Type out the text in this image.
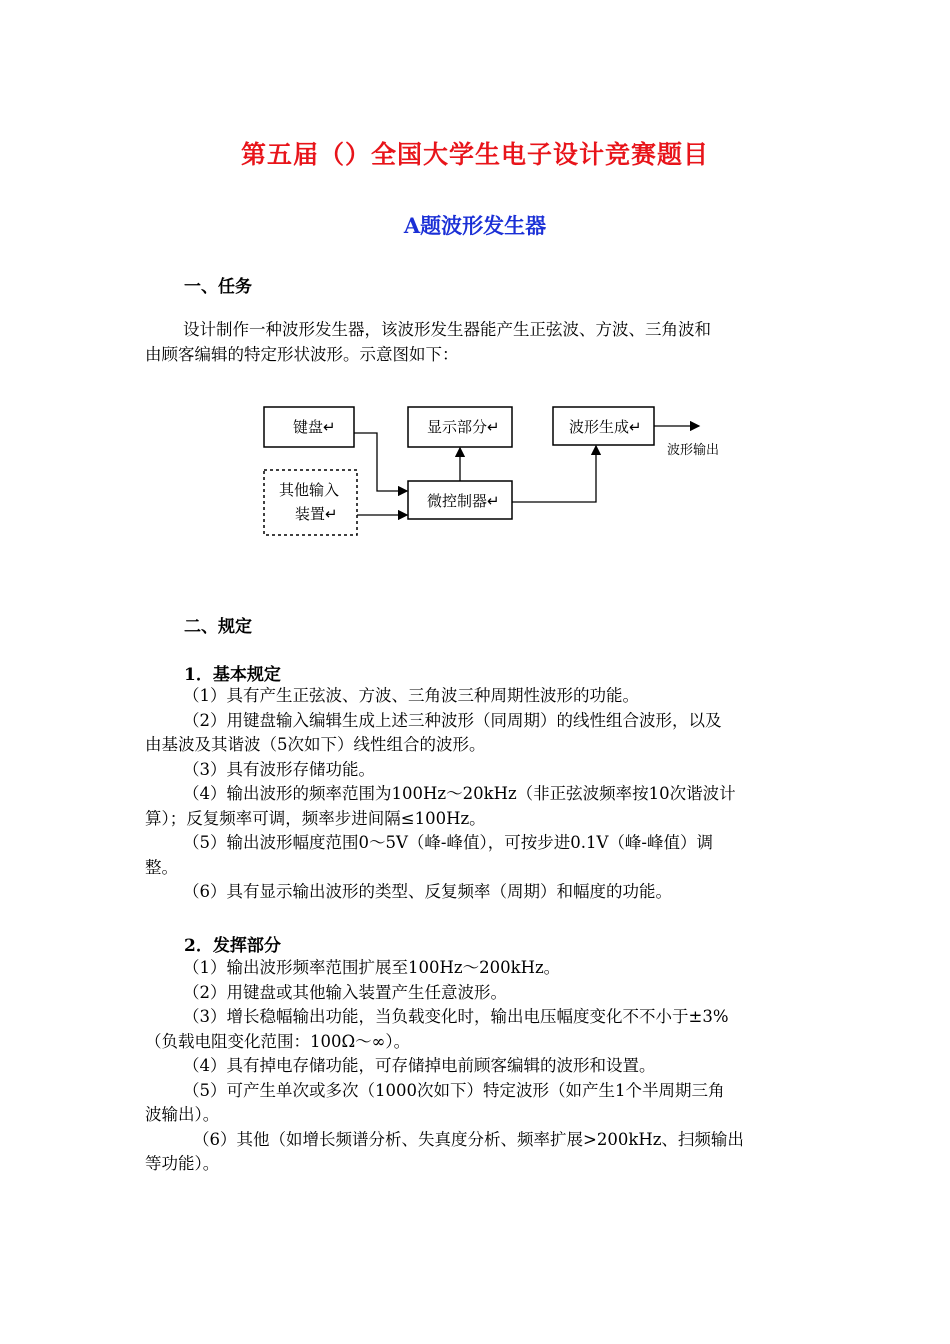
第五届（）全国大学生电子设计竞赛题目
A题波形发生器
一、任务
设计制作一种波形发生器，该波形发生器能产生正弦波、方波、三角波和
由顾客编辑的特定形状波形。示意图如下：
键盘↵	显示部分↵	波形生成↵
其他输入
装置↵
微控制器↵
波形输出
二、规定
1．基本规定
（1）具有产生正弦波、方波、三角波三种周期性波形的功能。
（2）用键盘输入编辑生成上述三种波形（同周期）的线性组合波形，以及
由基波及其谐波（5次如下）线性组合的波形。
（3）具有波形存储功能。
（4）输出波形的频率范围为100Hz～20kHz（非正弦波频率按10次谐波计
算）；反复频率可调，频率步进间隔≤100Hz。
（5）输出波形幅度范围0～5V（峰-峰值），可按步进0.1V（峰-峰值）调
整。
（6）具有显示输出波形的类型、反复频率（周期）和幅度的功能。
2．发挥部分
（1）输出波形频率范围扩展至100Hz～200kHz。
（2）用键盘或其他输入装置产生任意波形。
（3）增长稳幅输出功能，当负载变化时，输出电压幅度变化不不小于±3%
（负载电阻变化范围：100Ω～∞）。
（4）具有掉电存储功能，可存储掉电前顾客编辑的波形和设置。
（5）可产生单次或多次（1000次如下）特定波形（如产生1个半周期三角
波输出）。
（6）其他（如增长频谱分析、失真度分析、频率扩展>200kHz、扫频输出
等功能）。
